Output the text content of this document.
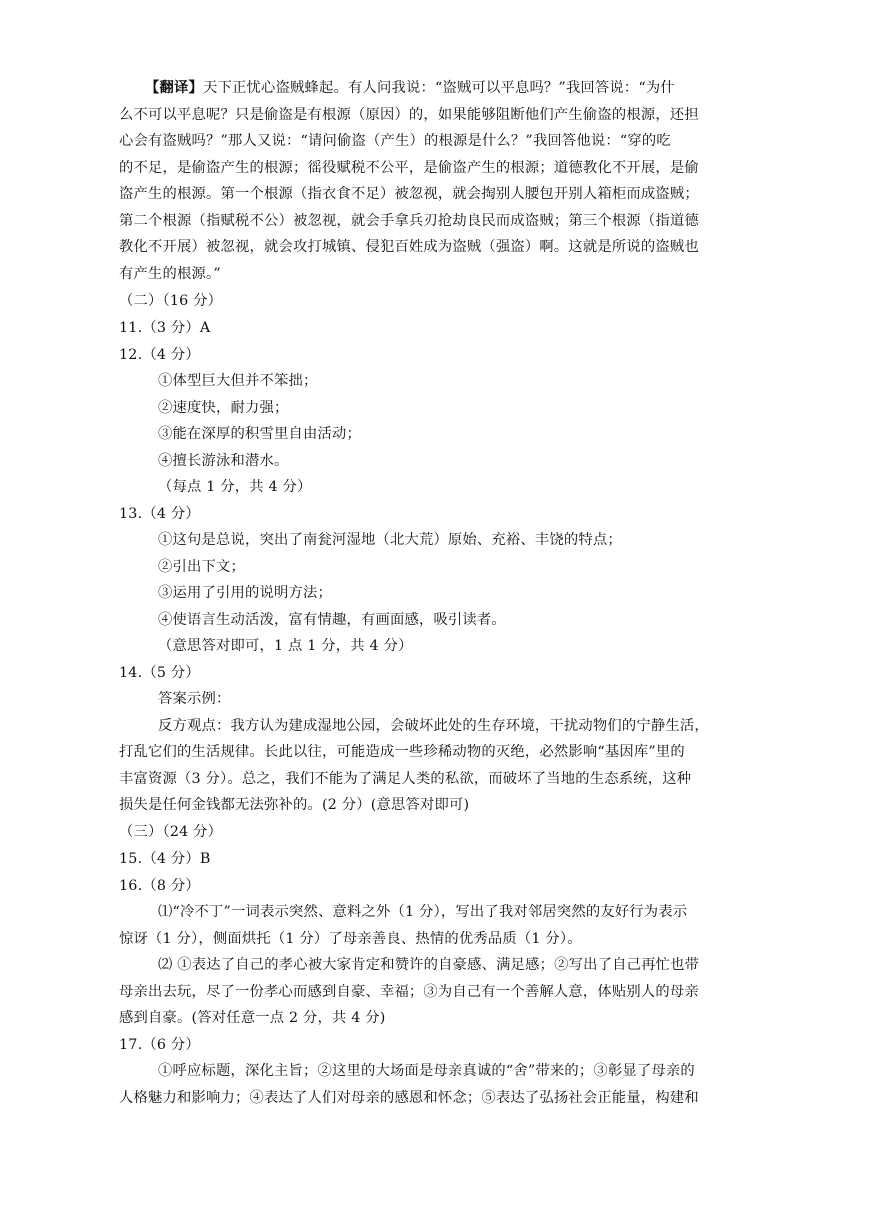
【翻译】天下正忧心盗贼蜂起。有人问我说：“盗贼可以平息吗？”我回答说：“为什

么不可以平息呢？只是偷盗是有根源（原因）的，如果能够阻断他们产生偷盗的根源，还担

心会有盗贼吗？”那人又说：“请问偷盗（产生）的根源是什么？”我回答他说：“穿的吃

的不足，是偷盗产生的根源；徭役赋税不公平，是偷盗产生的根源；道德教化不开展，是偷

盗产生的根源。第一个根源（指衣食不足）被忽视，就会掏别人腰包开别人箱柜而成盗贼；

第二个根源（指赋税不公）被忽视，就会手拿兵刃抢劫良民而成盗贼；第三个根源（指道德

教化不开展）被忽视，就会攻打城镇、侵犯百姓成为盗贼（强盗）啊。这就是所说的盗贼也

有产生的根源。”

（二）（16 分）

11.（3 分）A

12.（4 分）

①体型巨大但并不笨拙；

②速度快，耐力强；

③能在深厚的积雪里自由活动；

④擅长游泳和潜水。

（每点 1 分，共 4 分）

13.（4 分）

①这句是总说，突出了南瓮河湿地（北大荒）原始、充裕、丰饶的特点；

②引出下文；

③运用了引用的说明方法；

④使语言生动活泼，富有情趣，有画面感，吸引读者。

（意思答对即可，1 点 1 分，共 4 分）

14.（5 分）

答案示例：

反方观点：我方认为建成湿地公园，会破坏此处的生存环境，干扰动物们的宁静生活，

打乱它们的生活规律。长此以往，可能造成一些珍稀动物的灭绝，必然影响“基因库”里的

丰富资源（3 分）。总之，我们不能为了满足人类的私欲，而破坏了当地的生态系统，这种

损失是任何金钱都无法弥补的。(2 分）(意思答对即可)

（三）（24 分）

15.（4 分）B

16.（8 分）

⑴“冷不丁”一词表示突然、意料之外（1 分），写出了我对邻居突然的友好行为表示

惊讶（1 分），侧面烘托（1 分）了母亲善良、热情的优秀品质（1 分）。

⑵ ①表达了自己的孝心被大家肯定和赞许的自豪感、满足感；②写出了自己再忙也带

母亲出去玩，尽了一份孝心而感到自豪、幸福；③为自己有一个善解人意，体贴别人的母亲

感到自豪。(答对任意一点 2 分，共 4 分)

17.（6 分）

①呼应标题，深化主旨；②这里的大场面是母亲真诚的“舍”带来的；③彰显了母亲的

人格魅力和影响力；④表达了人们对母亲的感恩和怀念；⑤表达了弘扬社会正能量，构建和
